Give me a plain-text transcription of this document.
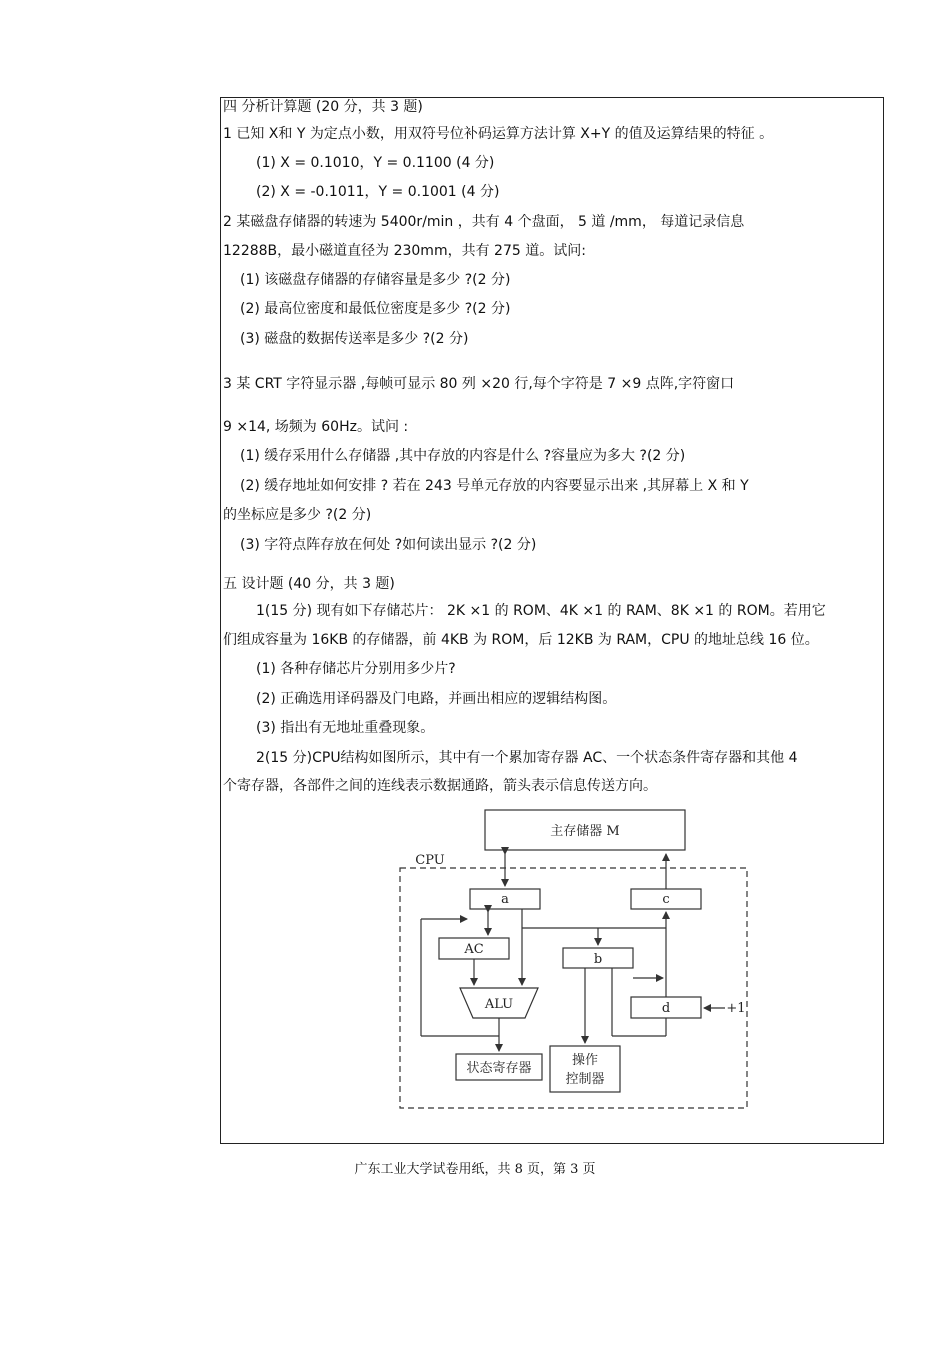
四 分析计算题 (20 分，共 3 题)
1 已知 X和 Y 为定点小数，用双符号位补码运算方法计算 X+Y 的值及运算结果的特征 。
(1) X = 0.1010，Y = 0.1100 (4 分)
(2) X = -0.1011，Y = 0.1001 (4 分)
2 某磁盘存储器的转速为 5400r/min ，共有 4 个盘面， 5 道 /mm， 每道记录信息
12288B，最小磁道直径为 230mm，共有 275 道。试问:
(1) 该磁盘存储器的存储容量是多少 ?(2 分)
(2) 最高位密度和最低位密度是多少 ?(2 分)
(3) 磁盘的数据传送率是多少 ?(2 分)
3 某 CRT 字符显示器 ,每帧可显示 80 列 ×20 行,每个字符是 7 ×9 点阵,字符窗口
9 ×14, 场频为 60Hz。试问 :
(1) 缓存采用什么存储器 ,其中存放的内容是什么 ?容量应为多大 ?(2 分)
(2) 缓存地址如何安排 ? 若在 243 号单元存放的内容要显示出来 ,其屏幕上 X 和 Y
的坐标应是多少 ?(2 分)
(3) 字符点阵存放在何处 ?如何读出显示 ?(2 分)
五 设计题 (40 分，共 3 题)
1(15 分) 现有如下存储芯片： 2K ×1 的 ROM、4K ×1 的 RAM、8K ×1 的 ROM。若用它
们组成容量为 16KB 的存储器，前 4KB 为 ROM，后 12KB 为 RAM，CPU 的地址总线 16 位。
(1) 各种存储芯片分别用多少片?
(2) 正确选用译码器及门电路，并画出相应的逻辑结构图。
(3) 指出有无地址重叠现象。
2(15 分)CPU结构如图所示，其中有一个累加寄存器 AC、一个状态条件寄存器和其他 4
个寄存器，各部件之间的连线表示数据通路，箭头表示信息传送方向。
主存储器 M
CPU
a	c
AC
b
d
ALU
状态寄存器
操作
控制器
+1
广东工业大学试卷用纸，共 8 页，第 3 页
